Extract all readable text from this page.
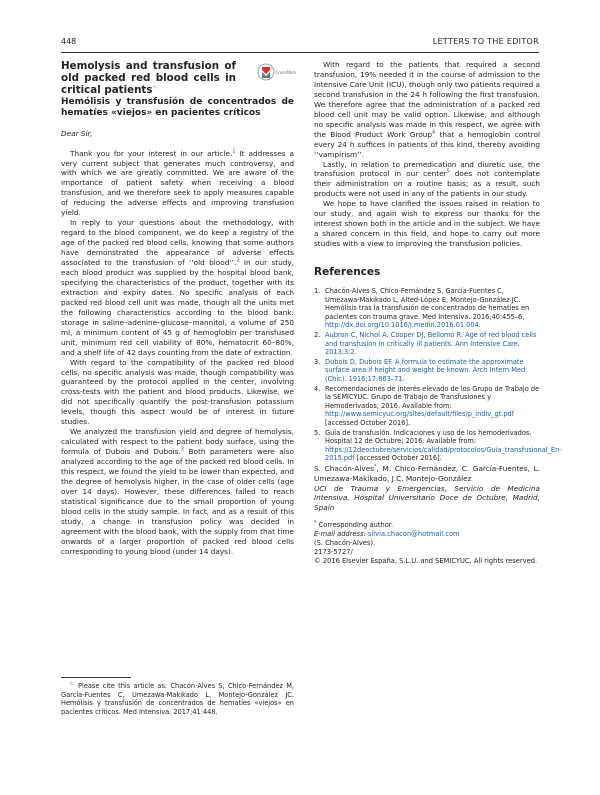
448	LETTERS TO THE EDITOR

Hemolysis and transfusion of old packed red blood cells in critical patients☆

CrossMark

Hemólisis y transfusión de concentrados de hematíes «viejos» en pacientes críticos

Dear Sir,

Thank you for your interest in our article.$^1$ It addresses a very current subject that generates much controversy, and with which we are greatly committed. We are aware of the importance of patient safety when receiving a blood transfusion, and we therefore seek to apply measures capable of reducing the adverse effects and improving transfusion yield.

In reply to your questions about the methodology, with regard to the blood component, we do keep a registry of the age of the packed red blood cells, knowing that some authors have demonstrated the appearance of adverse effects associated to the transfusion of ‘‘old blood’’.$^2$ In our study, each blood product was supplied by the hospital blood bank, specifying the characteristics of the product, together with its extraction and expiry dates. No specific analysis of each packed red blood cell unit was made, though all the units met the following characteristics according to the blood bank: storage in saline–adenine–glucose–mannitol, a volume of 250 ml, a minimum content of 45 g of hemoglobin per transfused unit, minimum red cell viability of 80%, hematocrit 60–80%, and a shelf life of 42 days counting from the date of extraction.

With regard to the compatibility of the packed red blood cells, no specific analysis was made, though compatibility was guaranteed by the protocol applied in the center, involving cross-tests with the patient and blood products. Likewise, we did not specifically quantify the post-transfusion potassium levels, though this aspect would be of interest in future studies.

We analyzed the transfusion yield and degree of hemolysis, calculated with respect to the patient body surface, using the formula of Dubois and Dubois.$^3$ Both parameters were also analyzed according to the age of the packed red blood cells. In this respect, we found the yield to be lower than expected, and the degree of hemolysis higher, in the case of older cells (age over 14 days). However, these differences failed to reach statistical significance due to the small proportion of young blood cells in the study sample. In fact, and as a result of this study, a change in transfusion policy was decided in agreement with the blood bank, with the supply from that time onwards of a larger proportion of packed red blood cells corresponding to young blood (under 14 days).

With regard to the patients that required a second transfusion, 19% needed it in the course of admission to the Intensive Care Unit (ICU), though only two patients required a second transfusion in the 24 h following the first transfusion. We therefore agree that the administration of a packed red blood cell unit may be valid option. Likewise, and although no specific analysis was made in this respect, we agree with the Blood Product Work Group$^4$ that a hemoglobin control every 24 h suffices in patients of this kind, thereby avoiding ‘‘vampirism’’.

Lastly, in relation to premedication and diuretic use, the transfusion protocol in our center$^5$ does not contemplate their administration on a routine basis; as a result, such products were not used in any of the patients in our study.

We hope to have clarified the issues raised in relation to our study, and again wish to express our thanks for the interest shown both in the article and in the subject. We have a shared concern in this field, and hope to carry out more studies with a view to improving the transfusion policies.

References
1. Chacón-Alves S, Chico-Fernández S, García-Fuentes C, Umezawa-Makikado L, Alted-López E, Montejo-González JC. Hemólisis tras la transfusión de concentrados de hematíes en pacientes con trauma grave. Med Intensiva. 2016;40:455–6, http://dx.doi.org/10.1016/j.medin.2016.01.004.
2. Aubron C, Nichol A, Cooper DJ, Bellomo R. Age of red blood cells and transfusion in critically ill patients. Ann Intensive Care. 2013;3:2.
3. Dubois D, Dubois EF. A formula to estimate the approximate surface area if height and weight be known. Arch Intern Med (Chic). 1916;17:863–71.
4. Recomendaciones de interés elevado de los Grupo de Trabajo de la SEMICYUC. Grupo de Trabajo de Transfusiones y Hemoderivados; 2016. Available from: http://www.semicyuc.org/sites/default/files/p_indiv_gt.pdf [accessed October 2016].
5. Guía de transfusión. Indicaciones y uso de los hemoderivados. Hospital 12 de Octubre; 2016. Available from: https://12deoctubre/servicios/calidad/protocolos/Guia_transfusional_En-2015.pdf [accessed October 2016].

S. Chacón-Alves*, M. Chico-Fernández, C. García-Fuentes, L. Umezawa-Makikado, J.C. Montejo-González

UCI de Trauma y Emergencias, Servicio de Medicina Intensiva, Hospital Universitario Doce de Octubre, Madrid, Spain

* Corresponding author.
E-mail address: silvia.chacon@hotmail.com
(S. Chacón-Alves).
2173-5727/
© 2016 Elsevier España, S.L.U. and SEMICYUC. All rights reserved.

☆ Please cite this article as: Chacón-Alves S, Chico-Fernández M, García-Fuentes C, Umezawa-Makikado L, Montejo-González JC. Hemólisis y transfusión de concentrados de hematíes «viejos» en pacientes críticos. Med Intensiva. 2017;41:448.
